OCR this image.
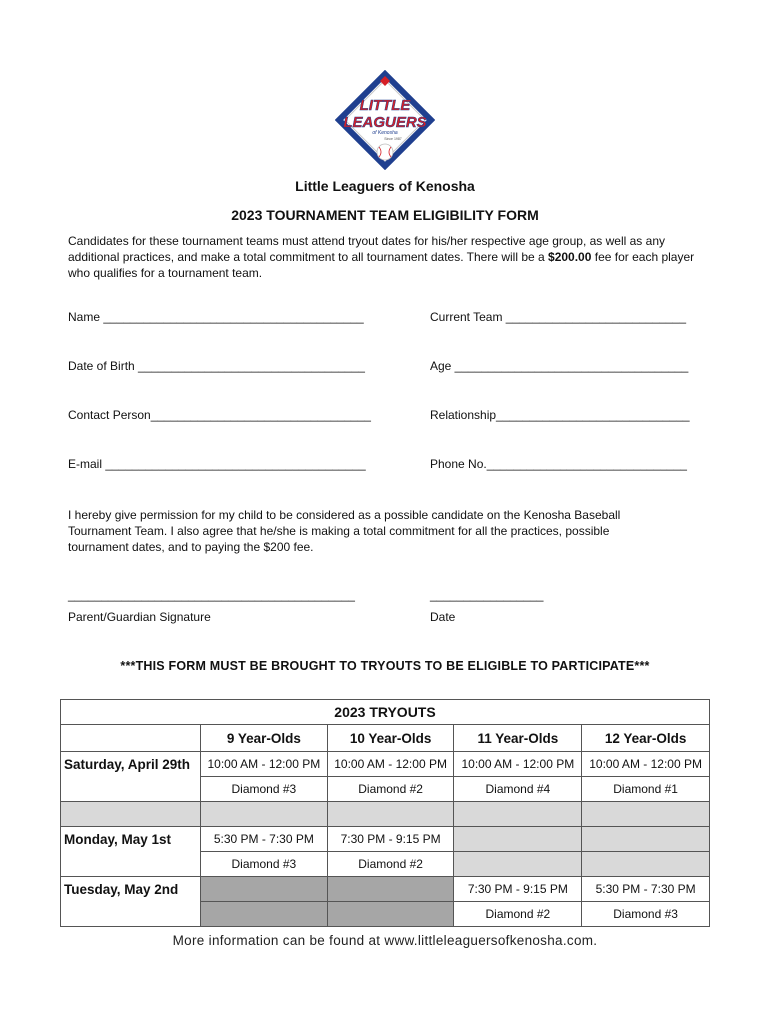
LITTLE
LEAGUERS
of Kenosha
Since 1987
Little Leaguers of Kenosha
2023 TOURNAMENT TEAM ELIGIBILITY FORM
Candidates for these tournament teams must attend tryout dates for his/her respective age group, as well as any additional practices, and make a total commitment to all tournament dates. There will be a $200.00 fee for each player who qualifies for a tournament team.
Name _______________________________________	Current Team ___________________________
Date of Birth __________________________________	Age ___________________________________
Contact Person_________________________________	Relationship_____________________________
E-mail _______________________________________	Phone No.______________________________
I hereby give permission for my child to be considered as a possible candidate on the Kenosha Baseball Tournament Team. I also agree that he/she is making a total commitment for all the practices, possible tournament dates, and to paying the $200 fee.
___________________________________________	_________________
Parent/Guardian Signature	Date
***THIS FORM MUST BE BROUGHT TO TRYOUTS TO BE ELIGIBLE TO PARTICIPATE***
2023 TRYOUTS				
	9 Year-Olds	10 Year-Olds	11 Year-Olds	12 Year-Olds
Saturday, April 29th	10:00 AM - 12:00 PM	10:00 AM - 12:00 PM	10:00 AM - 12:00 PM	10:00 AM - 12:00 PM
	Diamond #3	Diamond #2	Diamond #4	Diamond #1

Monday, May 1st	5:30 PM - 7:30 PM	7:30 PM - 9:15 PM		
	Diamond #3	Diamond #2		
Tuesday, May 2nd			7:30 PM - 9:15 PM	5:30 PM - 7:30 PM
			Diamond #2	Diamond #3
More information can be found at www.littleleaguersofkenosha.com.
